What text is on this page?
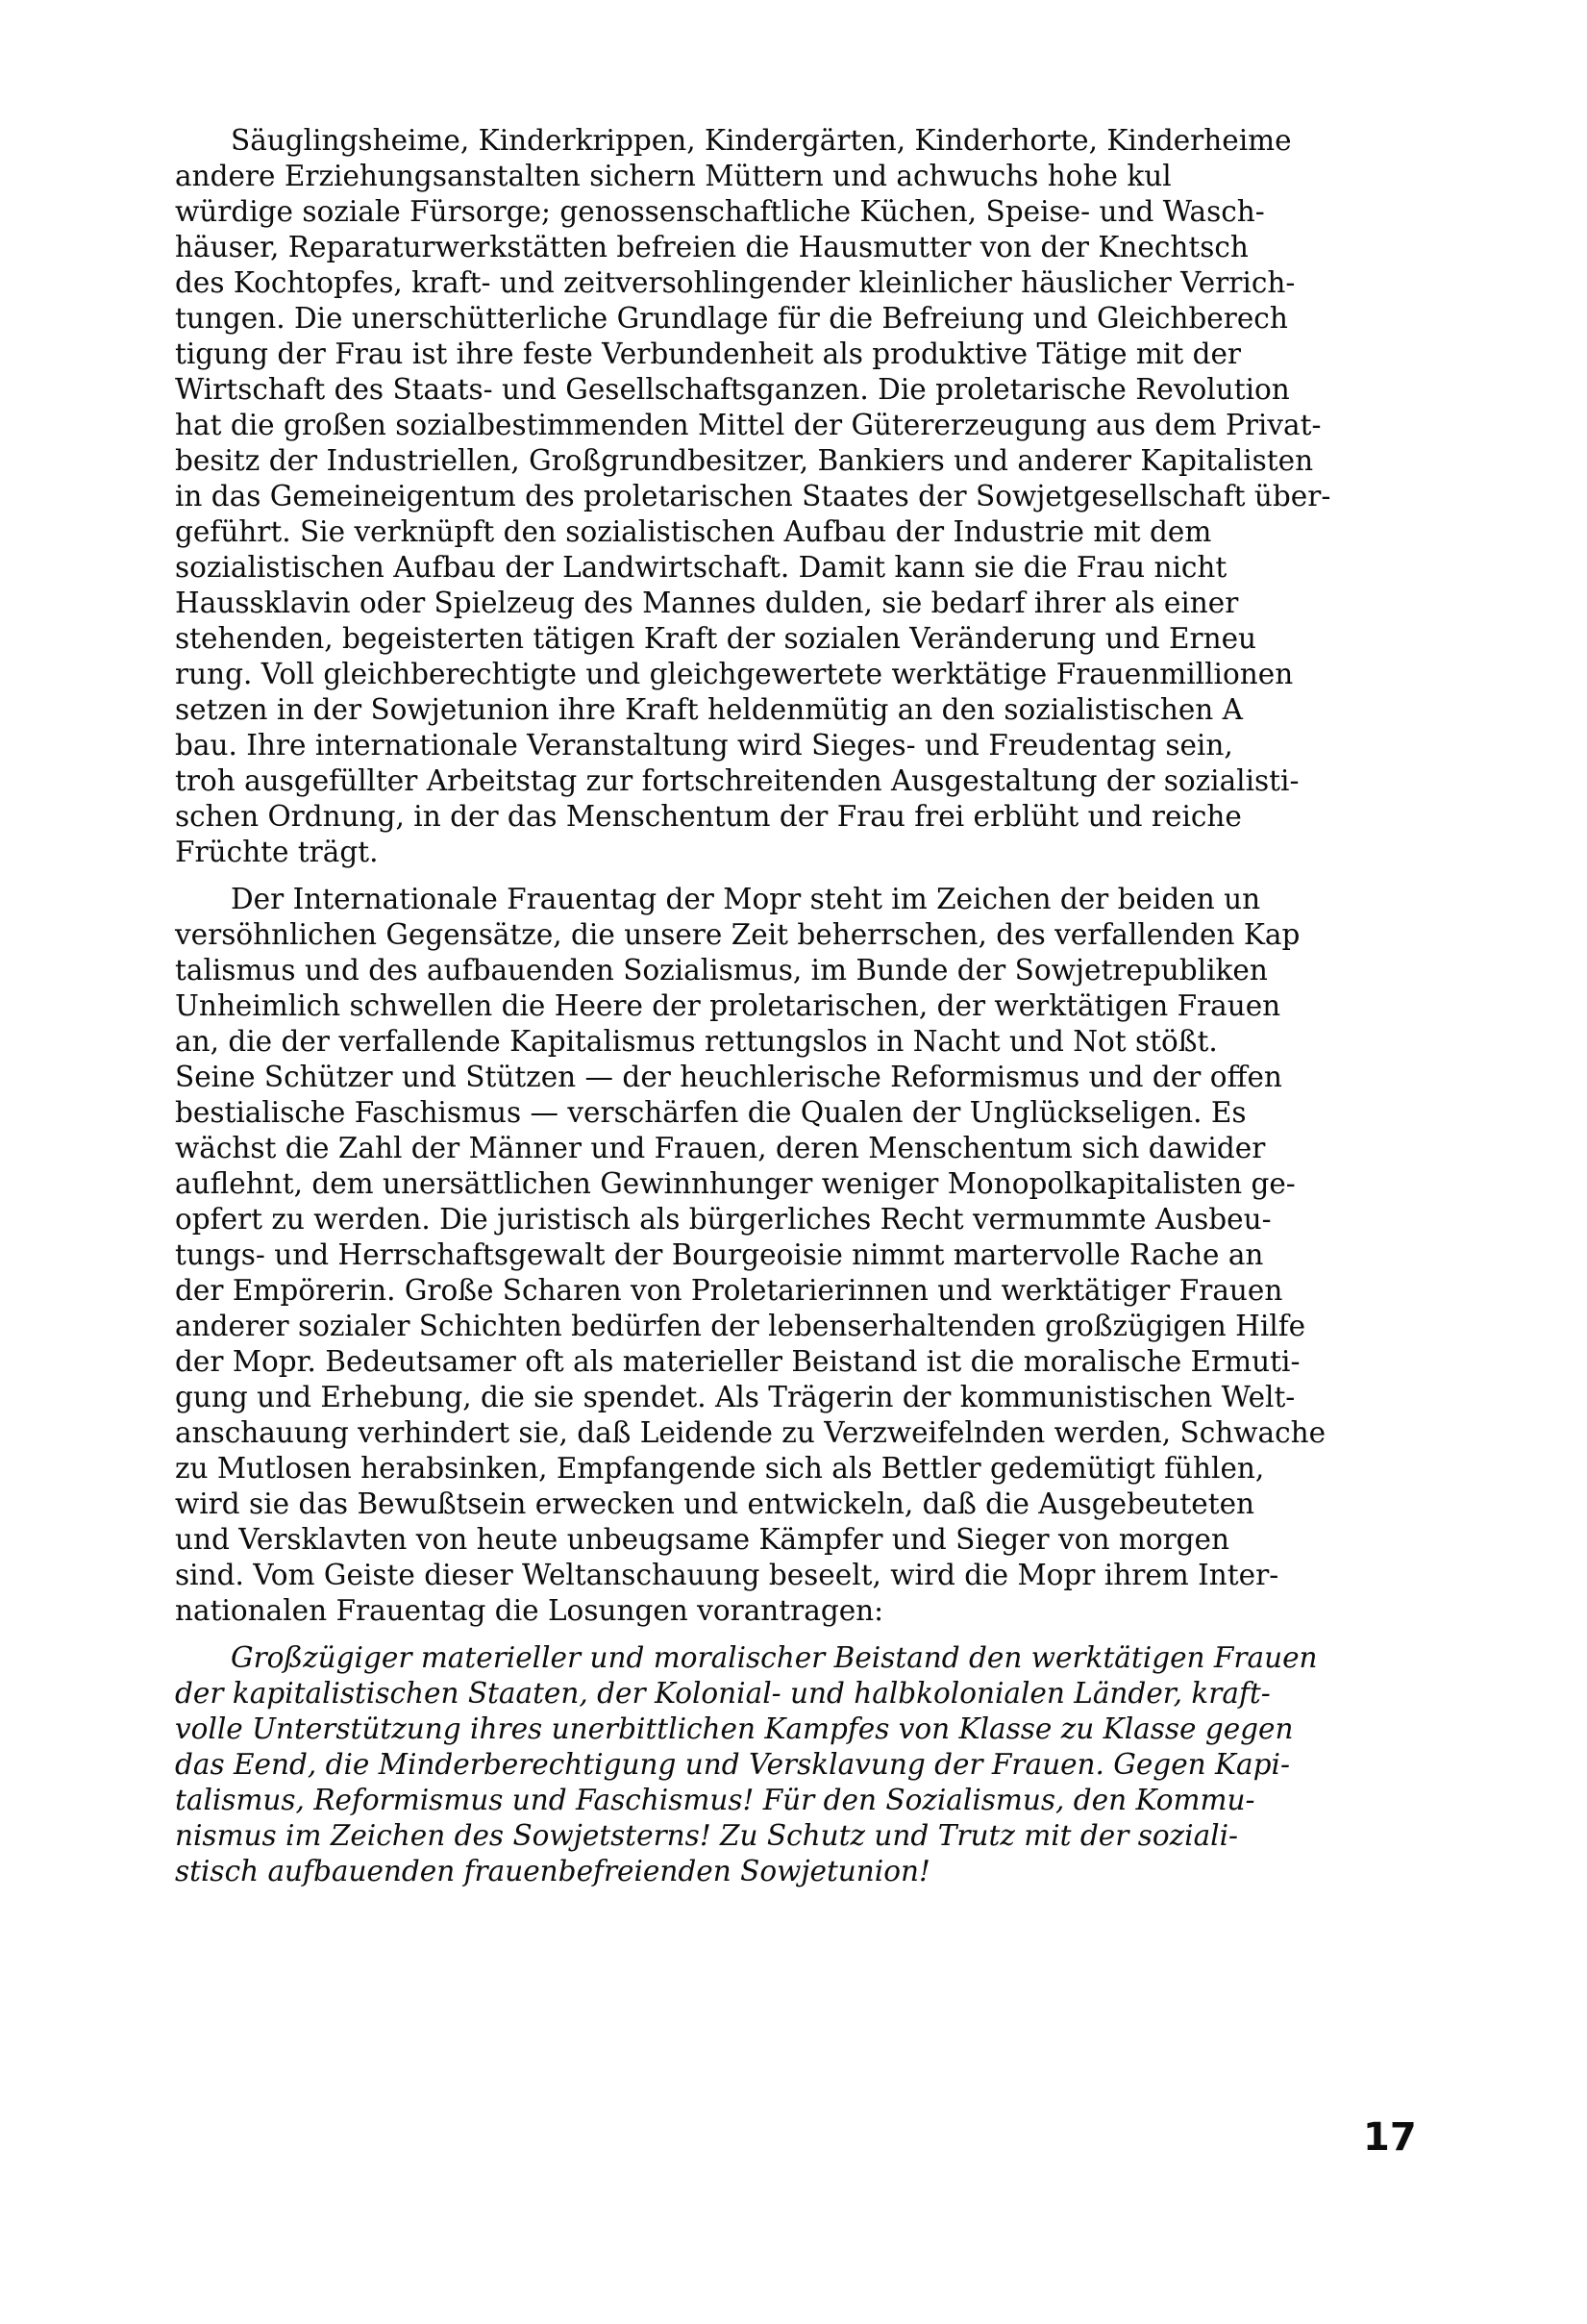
Säuglingsheime, Kinderkrippen, Kindergärten, Kinderhorte, Kinderheime
andere Erziehungsanstalten sichern Müttern und achwuchs hohe kul
würdige soziale Fürsorge; genossenschaftliche Küchen, Speise- und Wasch-
häuser, Reparaturwerkstätten befreien die Hausmutter von der Knechtsch
des Kochtopfes, kraft- und zeitversohlingender kleinlicher häuslicher Verrich-
tungen. Die unerschütterliche Grundlage für die Befreiung und Gleichberech
tigung der Frau ist ihre feste Verbundenheit als produktive Tätige mit der
Wirtschaft des Staats- und Gesellschaftsganzen. Die proletarische Revolution
hat die großen sozialbestimmenden Mittel der Gütererzeugung aus dem Privat-
besitz der Industriellen, Großgrundbesitzer, Bankiers und anderer Kapitalisten
in das Gemeineigentum des proletarischen Staates der Sowjetgesellschaft über-
geführt. Sie verknüpft den sozialistischen Aufbau der Industrie mit dem
sozialistischen Aufbau der Landwirtschaft. Damit kann sie die Frau nicht
Haussklavin oder Spielzeug des Mannes dulden, sie bedarf ihrer als einer
stehenden, begeisterten tätigen Kraft der sozialen Veränderung und Erneu
rung. Voll gleichberechtigte und gleichgewertete werktätige Frauenmillionen
setzen in der Sowjetunion ihre Kraft heldenmütig an den sozialistischen A
bau. Ihre internationale Veranstaltung wird Sieges- und Freudentag sein,
troh ausgefüllter Arbeitstag zur fortschreitenden Ausgestaltung der sozialisti-
schen Ordnung, in der das Menschentum der Frau frei erblüht und reiche
Früchte trägt.
Der Internationale Frauentag der Mopr steht im Zeichen der beiden un
versöhnlichen Gegensätze, die unsere Zeit beherrschen, des verfallenden Kap
talismus und des aufbauenden Sozialismus, im Bunde der Sowjetrepubliken
Unheimlich schwellen die Heere der proletarischen, der werktätigen Frauen
an, die der verfallende Kapitalismus rettungslos in Nacht und Not stößt.
Seine Schützer und Stützen — der heuchlerische Reformismus und der offen
bestialische Faschismus — verschärfen die Qualen der Unglückseligen. Es
wächst die Zahl der Männer und Frauen, deren Menschentum sich dawider
auflehnt, dem unersättlichen Gewinnhunger weniger Monopolkapitalisten ge-
opfert zu werden. Die juristisch als bürgerliches Recht vermummte Ausbeu-
tungs- und Herrschaftsgewalt der Bourgeoisie nimmt martervolle Rache an
der Empörerin. Große Scharen von Proletarierinnen und werktätiger Frauen
anderer sozialer Schichten bedürfen der lebenserhaltenden großzügigen Hilfe
der Mopr. Bedeutsamer oft als materieller Beistand ist die moralische Ermuti-
gung und Erhebung, die sie spendet. Als Trägerin der kommunistischen Welt-
anschauung verhindert sie, daß Leidende zu Verzweifelnden werden, Schwache
zu Mutlosen herabsinken, Empfangende sich als Bettler gedemütigt fühlen,
wird sie das Bewußtsein erwecken und entwickeln, daß die Ausgebeuteten
und Versklavten von heute unbeugsame Kämpfer und Sieger von morgen
sind. Vom Geiste dieser Weltanschauung beseelt, wird die Mopr ihrem Inter-
nationalen Frauentag die Losungen vorantragen:
Großzügiger materieller und moralischer Beistand den werktätigen Frauen
der kapitalistischen Staaten, der Kolonial- und halbkolonialen Länder, kraft-
volle Unterstützung ihres unerbittlichen Kampfes von Klasse zu Klasse gegen
das Eend, die Minderberechtigung und Versklavung der Frauen. Gegen Kapi-
talismus, Reformismus und Faschismus! Für den Sozialismus, den Kommu-
nismus im Zeichen des Sowjetsterns! Zu Schutz und Trutz mit der soziali-
stisch aufbauenden frauenbefreienden Sowjetunion!
17
